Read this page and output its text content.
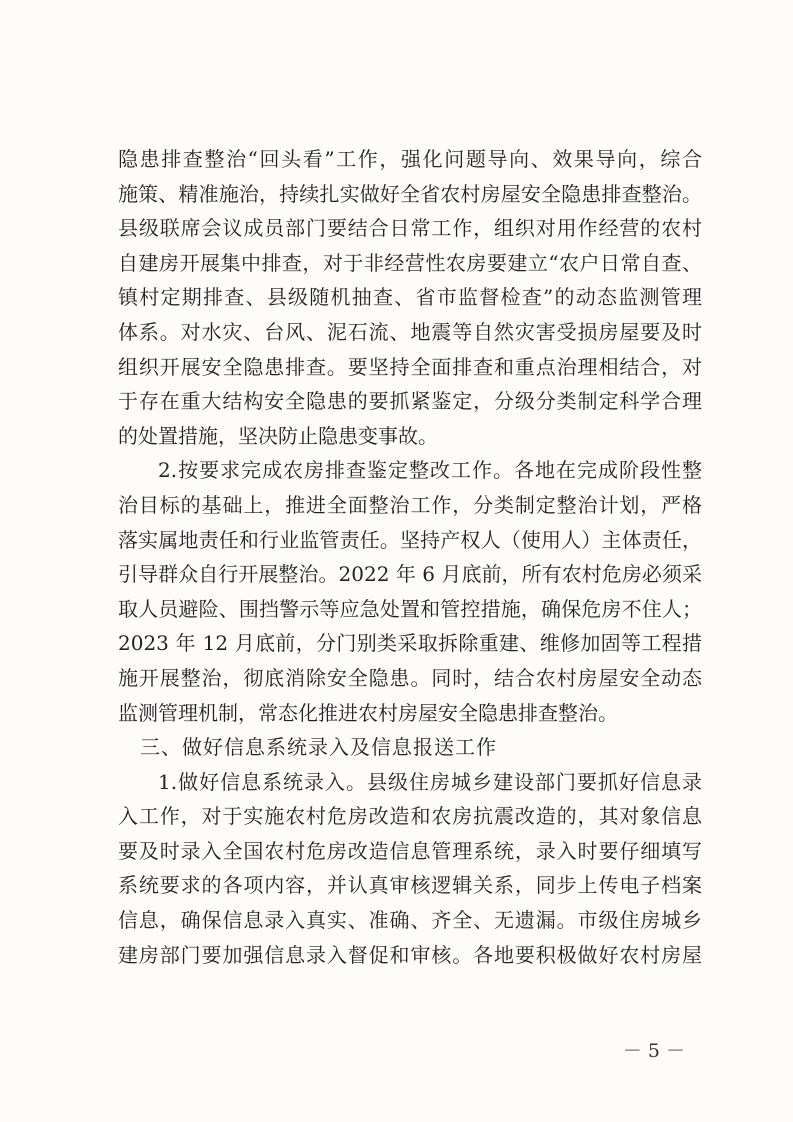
隐患排查整治“回头看”工作，强化问题导向、效果导向，综合
施策、精准施治，持续扎实做好全省农村房屋安全隐患排查整治。
县级联席会议成员部门要结合日常工作，组织对用作经营的农村
自建房开展集中排查，对于非经营性农房要建立“农户日常自查、
镇村定期排查、县级随机抽查、省市监督检查”的动态监测管理
体系。对水灾、台风、泥石流、地震等自然灾害受损房屋要及时
组织开展安全隐患排查。要坚持全面排查和重点治理相结合，对
于存在重大结构安全隐患的要抓紧鉴定，分级分类制定科学合理
的处置措施，坚决防止隐患变事故。
2.按要求完成农房排查鉴定整改工作。各地在完成阶段性整
治目标的基础上，推进全面整治工作，分类制定整治计划，严格
落实属地责任和行业监管责任。坚持产权人（使用人）主体责任，
引导群众自行开展整治。2022 年 6 月底前，所有农村危房必须采
取人员避险、围挡警示等应急处置和管控措施，确保危房不住人；
2023 年 12 月底前，分门别类采取拆除重建、维修加固等工程措
施开展整治，彻底消除安全隐患。同时，结合农村房屋安全动态
监测管理机制，常态化推进农村房屋安全隐患排查整治。
三、做好信息系统录入及信息报送工作
1.做好信息系统录入。县级住房城乡建设部门要抓好信息录
入工作，对于实施农村危房改造和农房抗震改造的，其对象信息
要及时录入全国农村危房改造信息管理系统，录入时要仔细填写
系统要求的各项内容，并认真审核逻辑关系，同步上传电子档案
信息，确保信息录入真实、准确、齐全、无遗漏。市级住房城乡
建房部门要加强信息录入督促和审核。各地要积极做好农村房屋
－ 5 －
